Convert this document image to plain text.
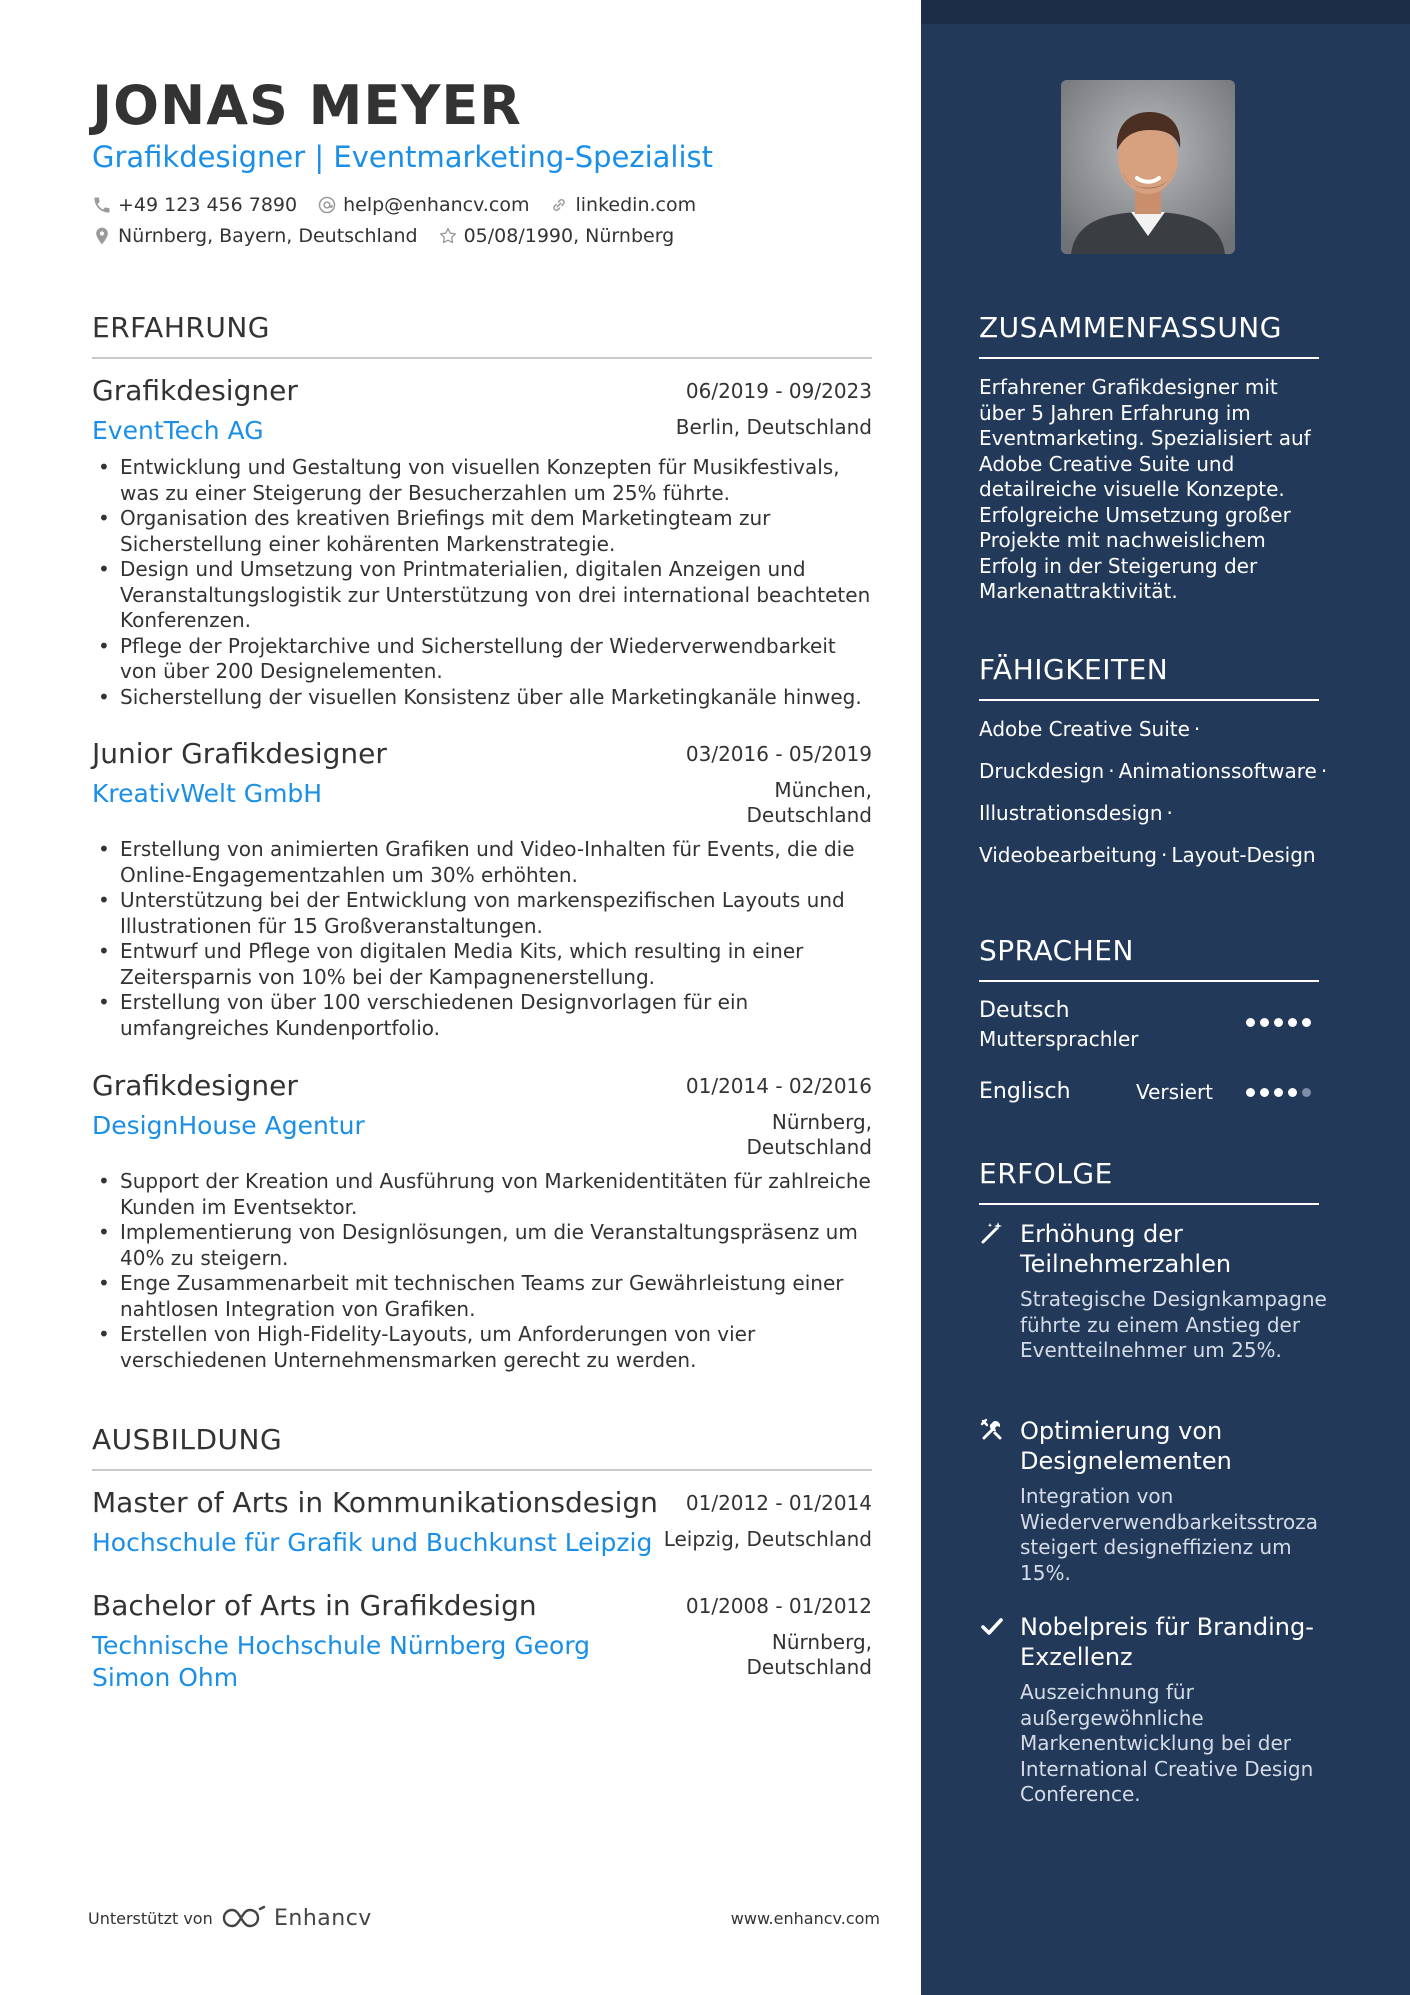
JONAS MEYER
Grafikdesigner | Eventmarketing-Spezialist
+49 123 456 7890 help@enhancv.com linkedin.com
Nürnberg, Bayern, Deutschland 05/08/1990, Nürnberg
ERFAHRUNG
Grafikdesigner	06/2019 - 09/2023
EventTech AG	Berlin, Deutschland
• Entwicklung und Gestaltung von visuellen Konzepten für Musikfestivals, was zu einer Steigerung der Besucherzahlen um 25% führte.
• Organisation des kreativen Briefings mit dem Marketingteam zur Sicherstellung einer kohärenten Markenstrategie.
• Design und Umsetzung von Printmaterialien, digitalen Anzeigen und Veranstaltungslogistik zur Unterstützung von drei international beachteten Konferenzen.
• Pflege der Projektarchive und Sicherstellung der Wiederverwendbarkeit von über 200 Designelementen.
• Sicherstellung der visuellen Konsistenz über alle Marketingkanäle hinweg.
Junior Grafikdesigner	03/2016 - 05/2019
KreativWelt GmbH	München,
Deutschland
• Erstellung von animierten Grafiken und Video-Inhalten für Events, die die Online-Engagementzahlen um 30% erhöhten.
• Unterstützung bei der Entwicklung von markenspezifischen Layouts und Illustrationen für 15 Großveranstaltungen.
• Entwurf und Pflege von digitalen Media Kits, which resulting in einer Zeitersparnis von 10% bei der Kampagnenerstellung.
• Erstellung von über 100 verschiedenen Designvorlagen für ein umfangreiches Kundenportfolio.
Grafikdesigner	01/2014 - 02/2016
DesignHouse Agentur	Nürnberg,
Deutschland
• Support der Kreation und Ausführung von Markenidentitäten für zahlreiche Kunden im Eventsektor.
• Implementierung von Designlösungen, um die Veranstaltungspräsenz um 40% zu steigern.
• Enge Zusammenarbeit mit technischen Teams zur Gewährleistung einer nahtlosen Integration von Grafiken.
• Erstellen von High-Fidelity-Layouts, um Anforderungen von vier verschiedenen Unternehmensmarken gerecht zu werden.
AUSBILDUNG
Master of Arts in Kommunikationsdesign 01/2012 - 01/2014
Hochschule für Grafik und Buchkunst Leipzig Leipzig, Deutschland
Bachelor of Arts in Grafikdesign	01/2008 - 01/2012
Technische Hochschule Nürnberg Georg
Simon Ohm
Nürnberg,
Deutschland
Unterstützt von	Enhancv	www.enhancv.com
ZUSAMMENFASSUNG
Erfahrener Grafikdesigner mit über 5 Jahren Erfahrung im Eventmarketing. Spezialisiert auf Adobe Creative Suite und detailreiche visuelle Konzepte. Erfolgreiche Umsetzung großer Projekte mit nachweislichem Erfolg in der Steigerung der Markenattraktivität.
FÄHIGKEITEN
Adobe Creative Suite ·
Druckdesign · Animationssoftware ·
Illustrationsdesign ·
Videobearbeitung · Layout-Design
SPRACHEN
Deutsch
Muttersprachler
Englisch	Versiert
ERFOLGE
Erhöhung der Teilnehmerzahlen
Strategische Designkampagne führte zu einem Anstieg der Eventteilnehmer um 25%.
Optimierung von Designelementen
Integration von Wiederverwendbarkeitsstroza steigert designeffizienz um 15%.
Nobelpreis für Branding-Exzellenz
Auszeichnung für außergewöhnliche Markenentwicklung bei der International Creative Design Conference.
